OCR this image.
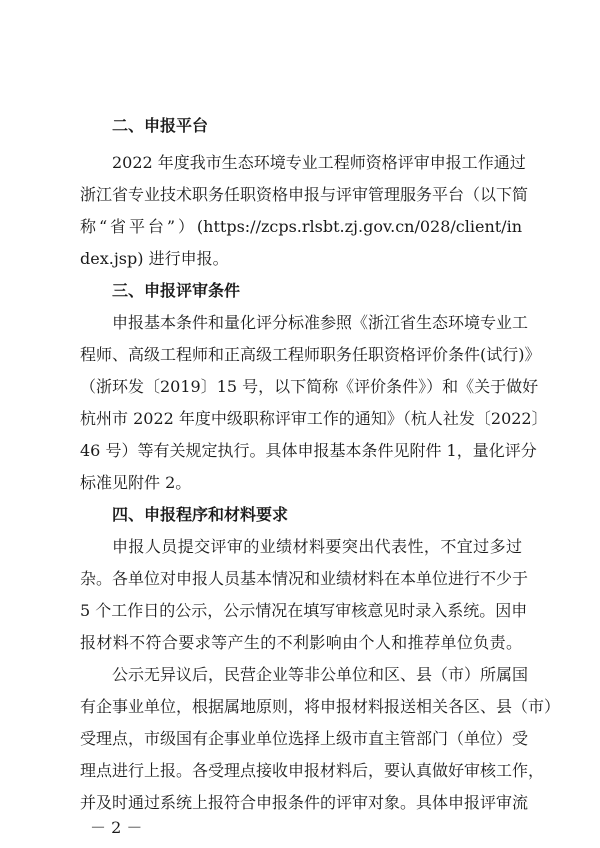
二、申报平台
2022 年度我市生态环境专业工程师资格评审申报工作通过
浙江省专业技术职务任职资格申报与评审管理服务平台（以下简
称“省平台”）(https://zcps.rlsbt.zj.gov.cn/028/client/in
dex.jsp) 进行申报。
三、申报评审条件
申报基本条件和量化评分标准参照《浙江省生态环境专业工
程师、高级工程师和正高级工程师职务任职资格评价条件(试行)》
（浙环发〔2019〕15 号，以下简称《评价条件》）和《关于做好
杭州市 2022 年度中级职称评审工作的通知》（杭人社发〔2022〕
46 号）等有关规定执行。具体申报基本条件见附件 1，量化评分
标准见附件 2。
四、申报程序和材料要求
申报人员提交评审的业绩材料要突出代表性，不宜过多过
杂。各单位对申报人员基本情况和业绩材料在本单位进行不少于
5 个工作日的公示，公示情况在填写审核意见时录入系统。因申
报材料不符合要求等产生的不利影响由个人和推荐单位负责。
公示无异议后，民营企业等非公单位和区、县（市）所属国
有企事业单位，根据属地原则，将申报材料报送相关各区、县（市）
受理点，市级国有企事业单位选择上级市直主管部门（单位）受
理点进行上报。各受理点接收申报材料后，要认真做好审核工作，
并及时通过系统上报符合申报条件的评审对象。具体申报评审流
－ 2 －
